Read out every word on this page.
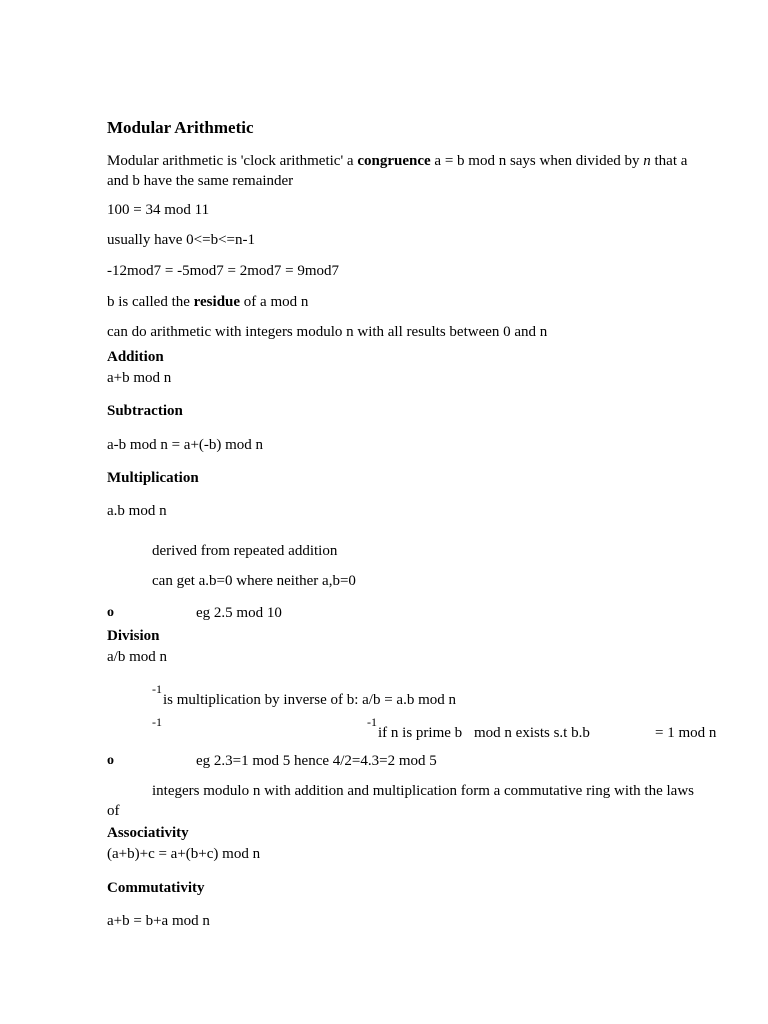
Modular Arithmetic
Modular arithmetic is 'clock arithmetic' a congruence a = b mod n says when divided by n that a and b have the same remainder
100 = 34 mod 11
usually have 0<=b<=n-1
-12mod7 = -5mod7 = 2mod7 = 9mod7
b is called the residue of a mod n
can do arithmetic with integers modulo n with all results between 0 and n
Addition
a+b mod n
Subtraction
a-b mod n = a+(-b) mod n
Multiplication
a.b mod n
derived from repeated addition
can get a.b=0 where neither a,b=0
o	eg 2.5 mod 10
Division
a/b mod n
-1
is multiplication by inverse of b: a/b = a.b mod n
-1	-1
if n is prime b mod n exists s.t b.b	= 1 mod n
o	eg 2.3=1 mod 5 hence 4/2=4.3=2 mod 5
integers modulo n with addition and multiplication form a commutative ring with the laws of
Associativity
(a+b)+c = a+(b+c) mod n
Commutativity
a+b = b+a mod n
